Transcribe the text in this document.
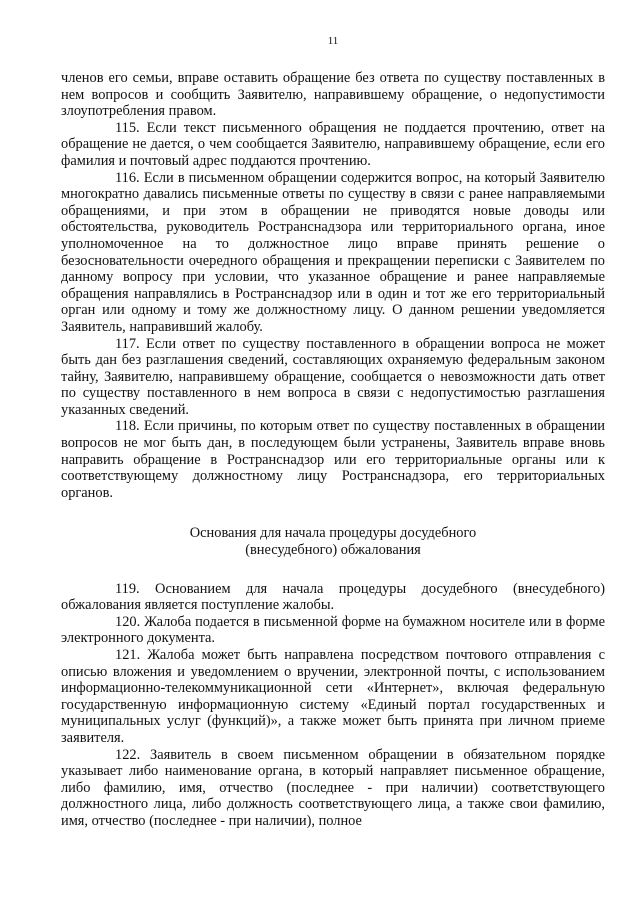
11

членов его семьи, вправе оставить обращение без ответа по существу поставленных в нем вопросов и сообщить Заявителю, направившему обращение, о недопустимости злоупотребления правом.

115. Если текст письменного обращения не поддается прочтению, ответ на обращение не дается, о чем сообщается Заявителю, направившему обращение, если его фамилия и почтовый адрес поддаются прочтению.

116. Если в письменном обращении содержится вопрос, на который Заявителю многократно давались письменные ответы по существу в связи с ранее направляемыми обращениями, и при этом в обращении не приводятся новые доводы или обстоятельства, руководитель Ространснадзора или территориального органа, иное уполномоченное на то должностное лицо вправе принять решение о безосновательности очередного обращения и прекращении переписки с Заявителем по данному вопросу при условии, что указанное обращение и ранее направляемые обращения направлялись в Ространснадзор или в один и тот же его территориальный орган или одному и тому же должностному лицу. О данном решении уведомляется Заявитель, направивший жалобу.

117. Если ответ по существу поставленного в обращении вопроса не может быть дан без разглашения сведений, составляющих охраняемую федеральным законом тайну, Заявителю, направившему обращение, сообщается о невозможности дать ответ по существу поставленного в нем вопроса в связи с недопустимостью разглашения указанных сведений.

118. Если причины, по которым ответ по существу поставленных в обращении вопросов не мог быть дан, в последующем были устранены, Заявитель вправе вновь направить обращение в Ространснадзор или его территориальные органы или к соответствующему должностному лицу Ространснадзора, его территориальных органов.

Основания для начала процедуры досудебного
(внесудебного) обжалования

119. Основанием для начала процедуры досудебного (внесудебного) обжалования является поступление жалобы.

120. Жалоба подается в письменной форме на бумажном носителе или в форме электронного документа.

121. Жалоба может быть направлена посредством почтового отправления с описью вложения и уведомлением о вручении, электронной почты, с использованием информационно-телекоммуникационной сети «Интернет», включая федеральную государственную информационную систему «Единый портал государственных и муниципальных услуг (функций)», а также может быть принята при личном приеме заявителя.

122. Заявитель в своем письменном обращении в обязательном порядке указывает либо наименование органа, в который направляет письменное обращение, либо фамилию, имя, отчество (последнее - при наличии) соответствующего должностного лица, либо должность соответствующего лица, а также свои фамилию, имя, отчество (последнее - при наличии), полное
